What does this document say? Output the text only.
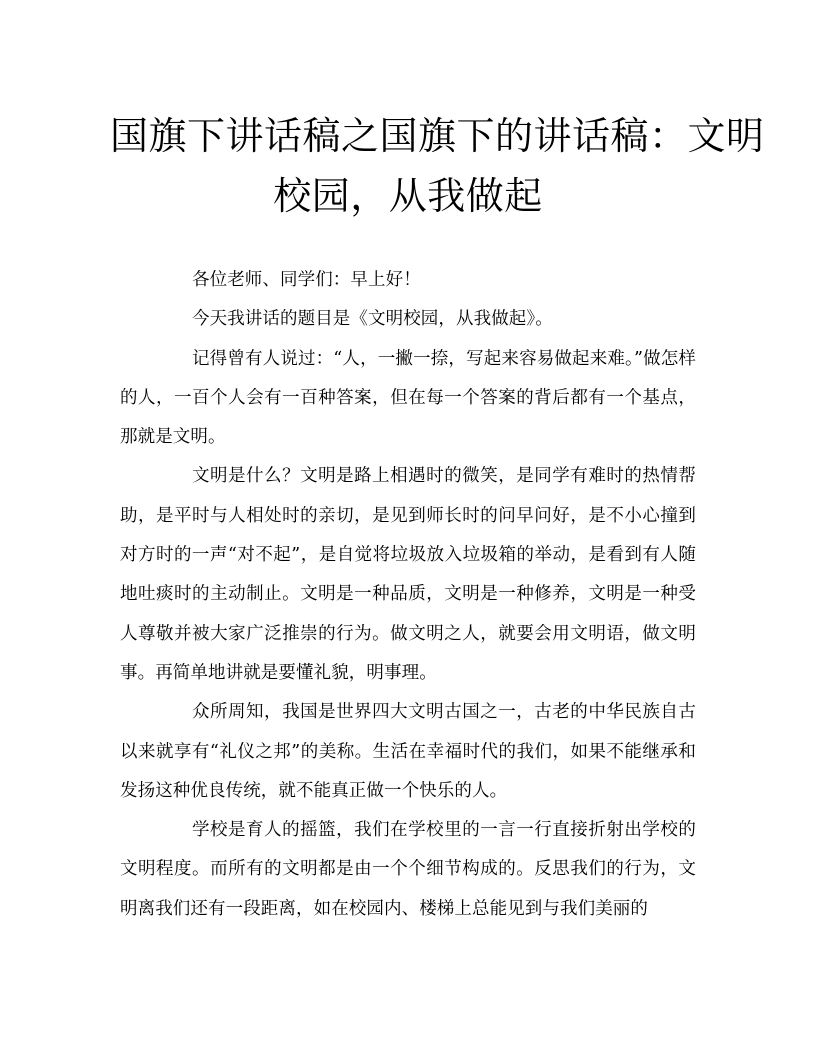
国旗下讲话稿之国旗下的讲话稿：文明
校园，从我做起

各位老师、同学们：早上好！

今天我讲话的题目是《文明校园，从我做起》。

记得曾有人说过：“人，一撇一捺，写起来容易做起来难。”做怎样的人，一百个人会有一百种答案，但在每一个答案的背后都有一个基点，那就是文明。

文明是什么？文明是路上相遇时的微笑，是同学有难时的热情帮助，是平时与人相处时的亲切，是见到师长时的问早问好，是不小心撞到对方时的一声“对不起”，是自觉将垃圾放入垃圾箱的举动，是看到有人随地吐痰时的主动制止。文明是一种品质，文明是一种修养，文明是一种受人尊敬并被大家广泛推崇的行为。做文明之人，就要会用文明语，做文明事。再简单地讲就是要懂礼貌，明事理。

众所周知，我国是世界四大文明古国之一，古老的中华民族自古以来就享有“礼仪之邦”的美称。生活在幸福时代的我们，如果不能继承和发扬这种优良传统，就不能真正做一个快乐的人。

学校是育人的摇篮，我们在学校里的一言一行直接折射出学校的文明程度。而所有的文明都是由一个个细节构成的。反思我们的行为，文明离我们还有一段距离，如在校园内、楼梯上总能见到与我们美丽的
